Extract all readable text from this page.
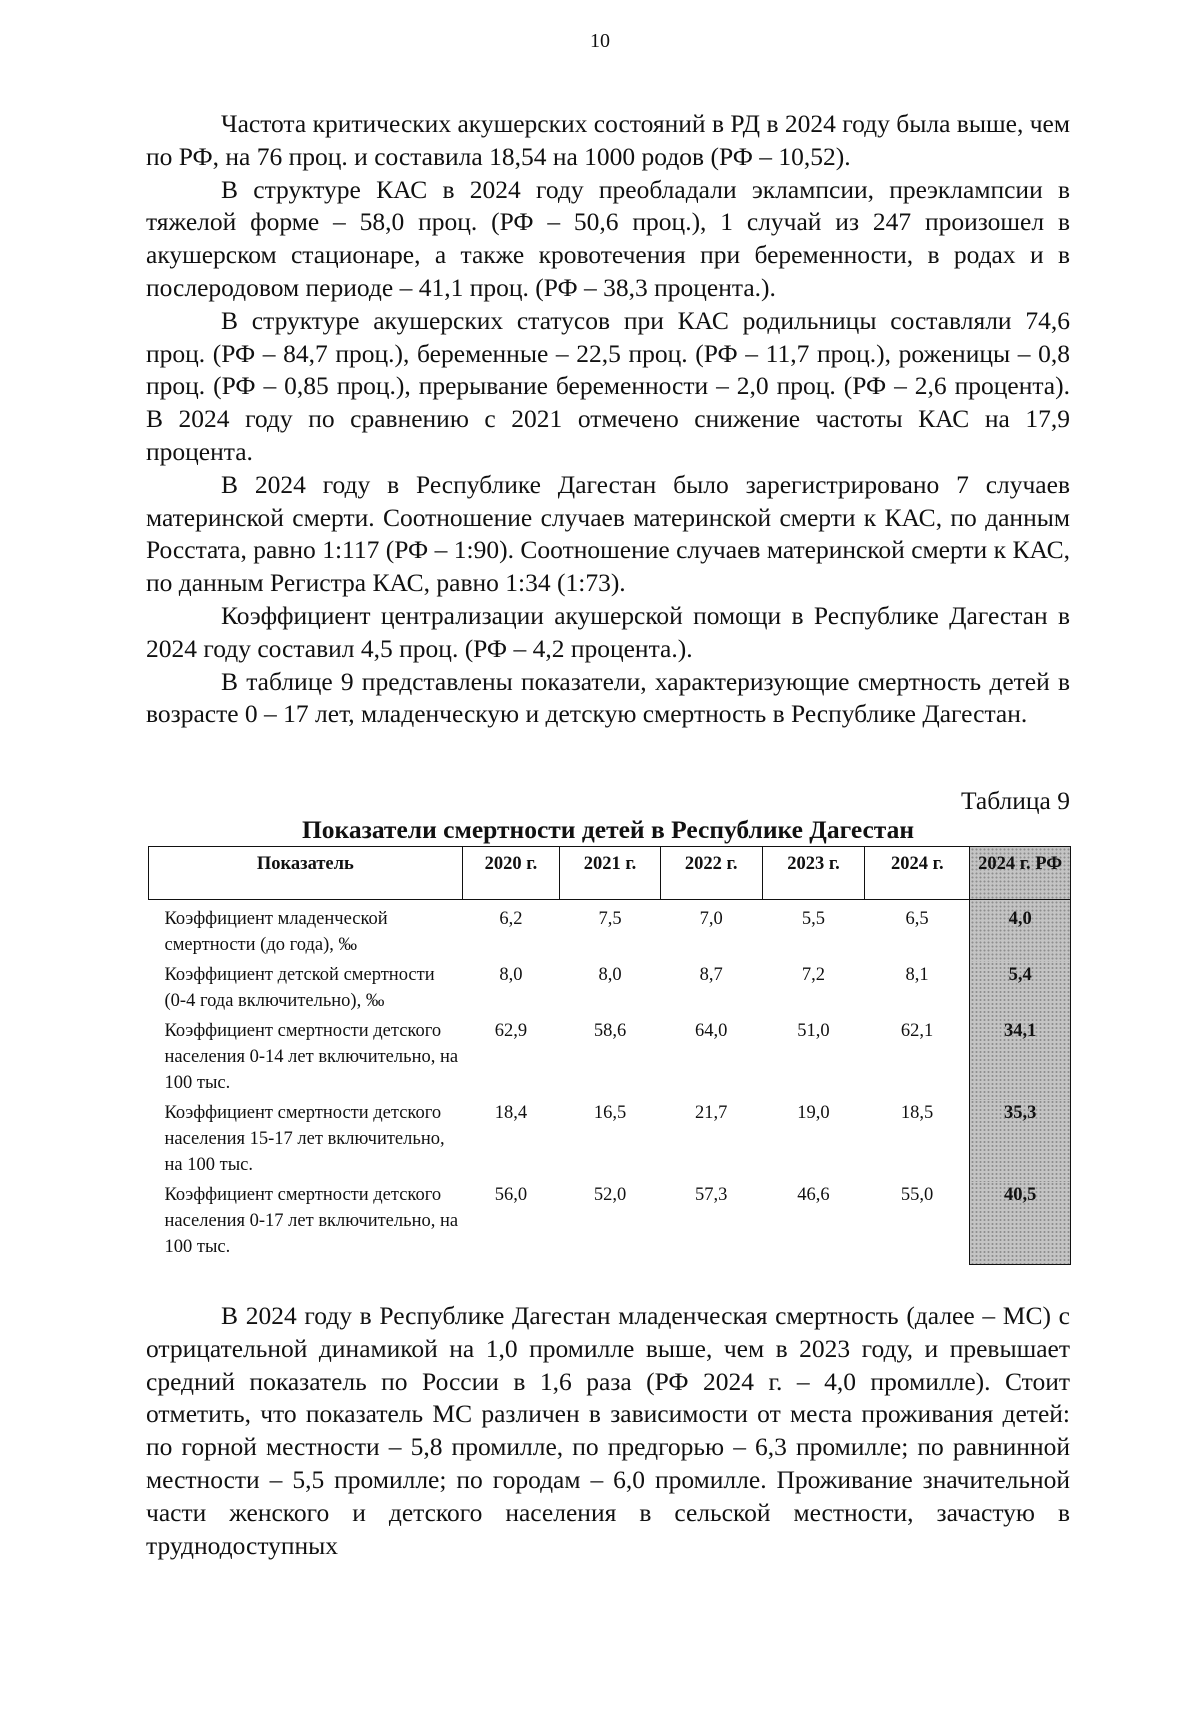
10

Частота критических акушерских состояний в РД в 2024 году была выше, чем по РФ, на 76 проц. и составила 18,54 на 1000 родов (РФ – 10,52).

В структуре КАС в 2024 году преобладали эклампсии, преэклампсии в тяжелой форме – 58,0 проц. (РФ – 50,6 проц.), 1 случай из 247 произошел в акушерском стационаре, а также кровотечения при беременности, в родах и в послеродовом периоде – 41,1 проц. (РФ – 38,3 процента.).

В структуре акушерских статусов при КАС родильницы составляли 74,6 проц. (РФ – 84,7 проц.), беременные – 22,5 проц. (РФ – 11,7 проц.), роженицы – 0,8 проц. (РФ – 0,85 проц.), прерывание беременности – 2,0 проц. (РФ – 2,6 процента). В 2024 году по сравнению с 2021 отмечено снижение частоты КАС на 17,9 процента.

В 2024 году в Республике Дагестан было зарегистрировано 7 случаев материнской смерти. Соотношение случаев материнской смерти к КАС, по данным Росстата, равно 1:117 (РФ – 1:90). Соотношение случаев материнской смерти к КАС, по данным Регистра КАС, равно 1:34 (1:73).

Коэффициент централизации акушерской помощи в Республике Дагестан в 2024 году составил 4,5 проц. (РФ – 4,2 процента.).

В таблице 9 представлены показатели, характеризующие смертность детей в возрасте 0 – 17 лет, младенческую и детскую смертность в Республике Дагестан.

Таблица 9
Показатели смертности детей в Республике Дагестан
Показатель	2020 г.	2021 г.	2022 г.	2023 г.	2024 г.	2024 г. РФ
Коэффициент младенческой смертности (до года), ‰	6,2	7,5	7,0	5,5	6,5	4,0
Коэффициент детской смертности (0-4 года включительно), ‰	8,0	8,0	8,7	7,2	8,1	5,4
Коэффициент смертности детского населения 0-14 лет включительно, на 100 тыс.	62,9	58,6	64,0	51,0	62,1	34,1
Коэффициент смертности детского населения 15-17 лет включительно, на 100 тыс.	18,4	16,5	21,7	19,0	18,5	35,3
Коэффициент смертности детского населения 0-17 лет включительно, на 100 тыс.	56,0	52,0	57,3	46,6	55,0	40,5

В 2024 году в Республике Дагестан младенческая смертность (далее – МС) с отрицательной динамикой на 1,0 промилле выше, чем в 2023 году, и превышает средний показатель по России в 1,6 раза (РФ 2024 г. – 4,0 промилле). Стоит отметить, что показатель МС различен в зависимости от места проживания детей: по горной местности – 5,8 промилле, по предгорью – 6,3 промилле; по равнинной местности – 5,5 промилле; по городам – 6,0 промилле. Проживание значительной части женского и детского населения в сельской местности, зачастую в труднодоступных
